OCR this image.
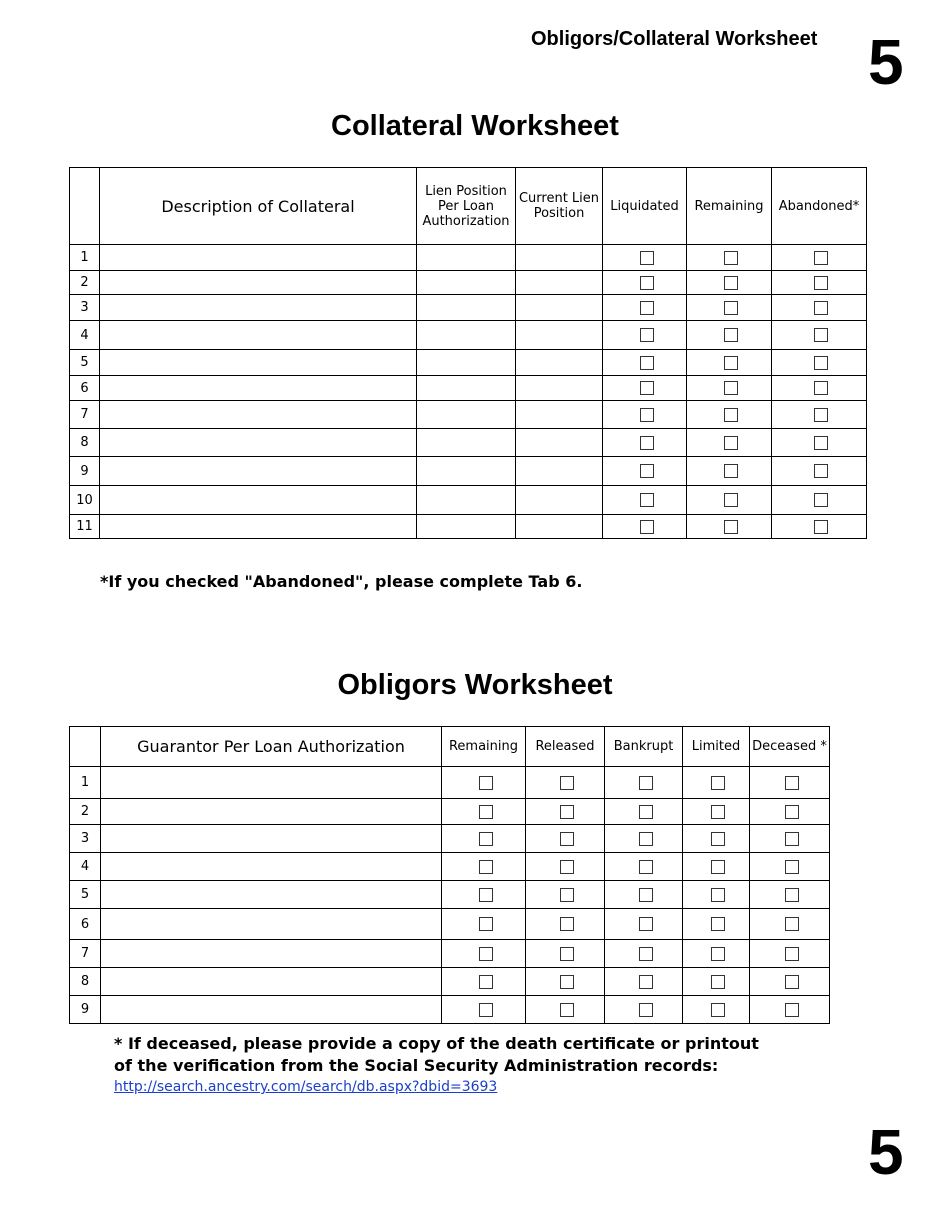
Obligors/Collateral Worksheet 5
Collateral Worksheet
	Description of Collateral	Lien Position Per Loan Authorization	Current Lien Position	Liquidated	Remaining	Abandoned*
1						
2						
3						
4						
5						
6						
7						
8						
9						
10						
11						
*If you checked "Abandoned", please complete Tab 6.
Obligors Worksheet
	Guarantor Per Loan Authorization	Remaining	Released	Bankrupt	Limited	Deceased *
1						
2						
3						
4						
5						
6						
7						
8						
9						
* If deceased, please provide a copy of the death certificate or printout of the verification from the Social Security Administration records:
http://search.ancestry.com/search/db.aspx?dbid=3693
5
